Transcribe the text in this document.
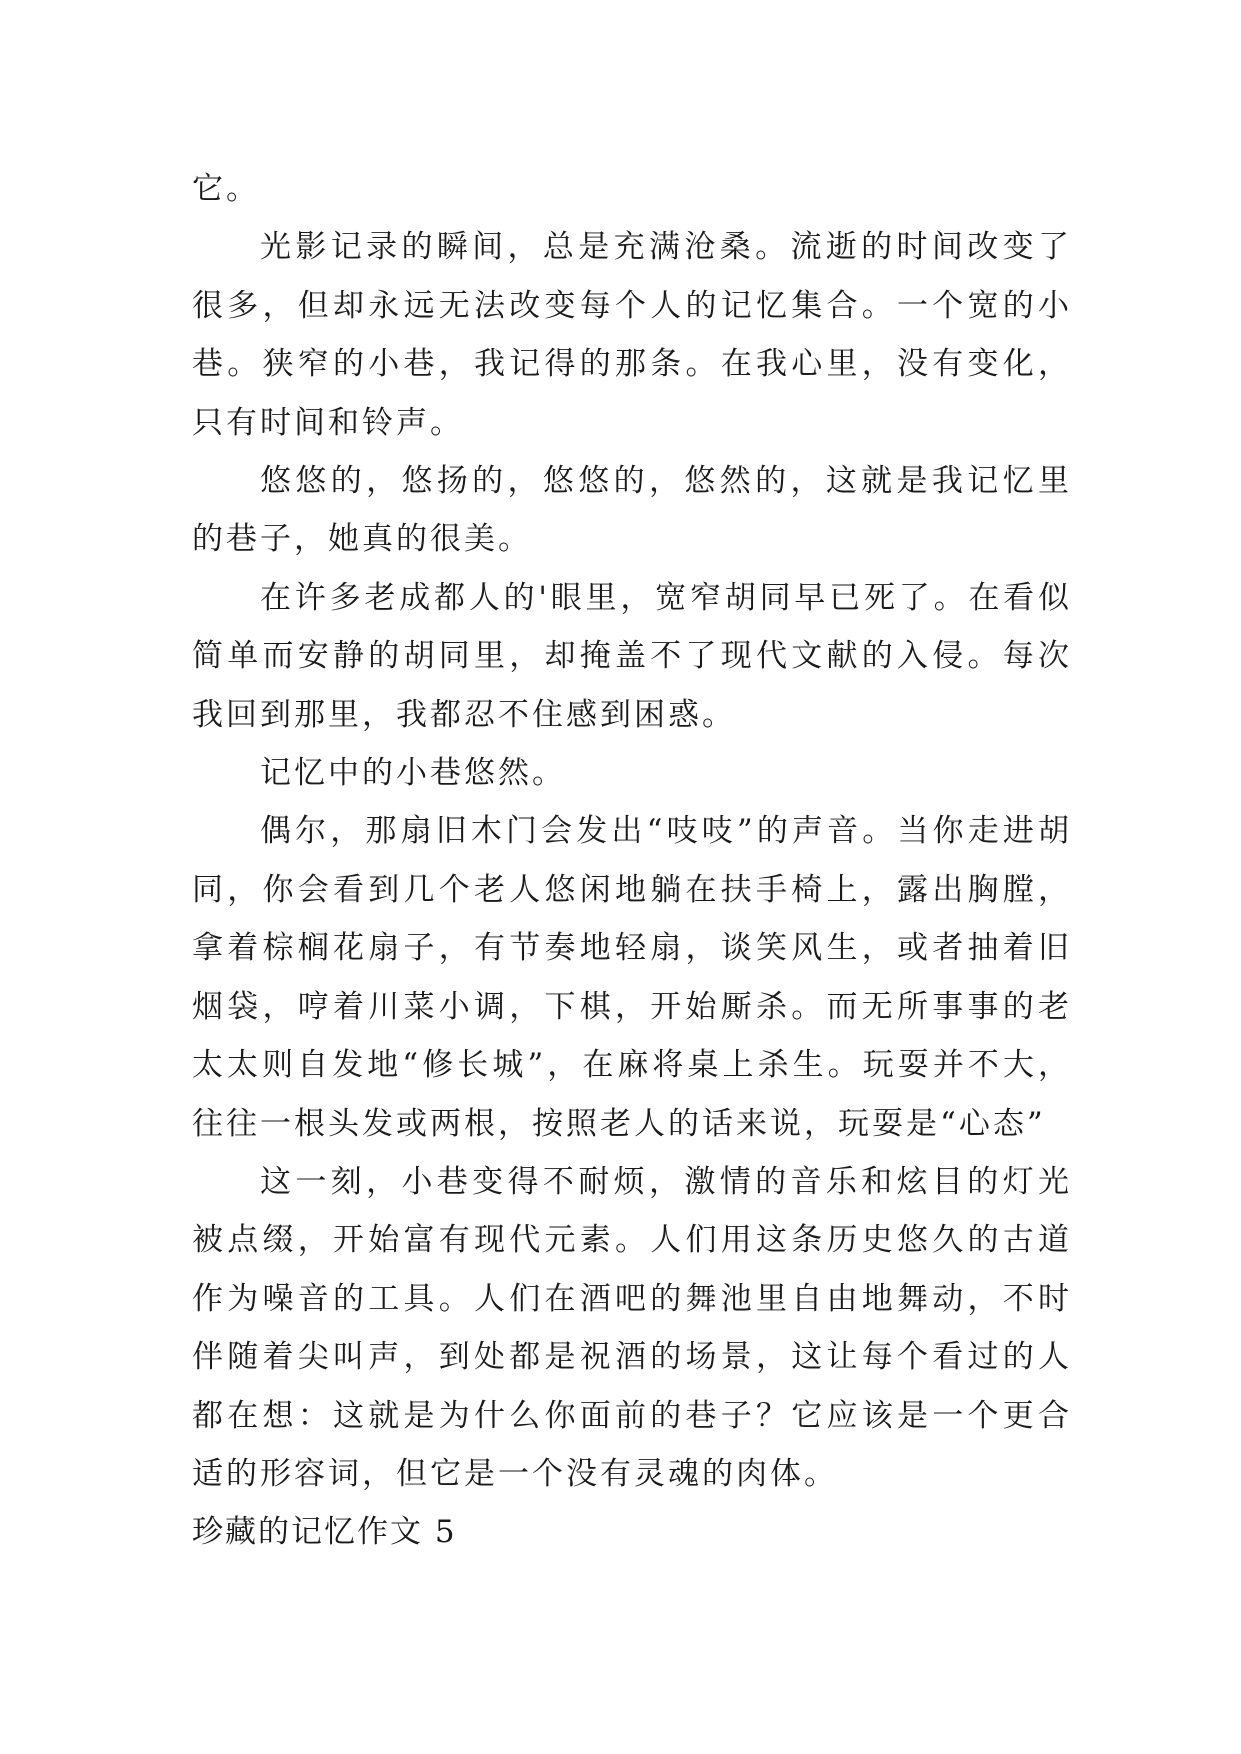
它。

光影记录的瞬间，总是充满沧桑。流逝的时间改变了很多，但却永远无法改变每个人的记忆集合。一个宽的小巷。狭窄的小巷，我记得的那条。在我心里，没有变化，只有时间和铃声。

悠悠的，悠扬的，悠悠的，悠然的，这就是我记忆里的巷子，她真的很美。

在许多老成都人的'眼里，宽窄胡同早已死了。在看似简单而安静的胡同里，却掩盖不了现代文献的入侵。每次我回到那里，我都忍不住感到困惑。

记忆中的小巷悠然。

偶尔，那扇旧木门会发出“吱吱”的声音。当你走进胡同，你会看到几个老人悠闲地躺在扶手椅上，露出胸膛，拿着棕榈花扇子，有节奏地轻扇，谈笑风生，或者抽着旧烟袋，哼着川菜小调，下棋，开始厮杀。而无所事事的老太太则自发地“修长城”，在麻将桌上杀生。玩耍并不大，往往一根头发或两根，按照老人的话来说，玩耍是“心态”

这一刻，小巷变得不耐烦，激情的音乐和炫目的灯光被点缀，开始富有现代元素。人们用这条历史悠久的古道作为噪音的工具。人们在酒吧的舞池里自由地舞动，不时伴随着尖叫声，到处都是祝酒的场景，这让每个看过的人都在想：这就是为什么你面前的巷子？它应该是一个更合适的形容词，但它是一个没有灵魂的肉体。

珍藏的记忆作文 5
